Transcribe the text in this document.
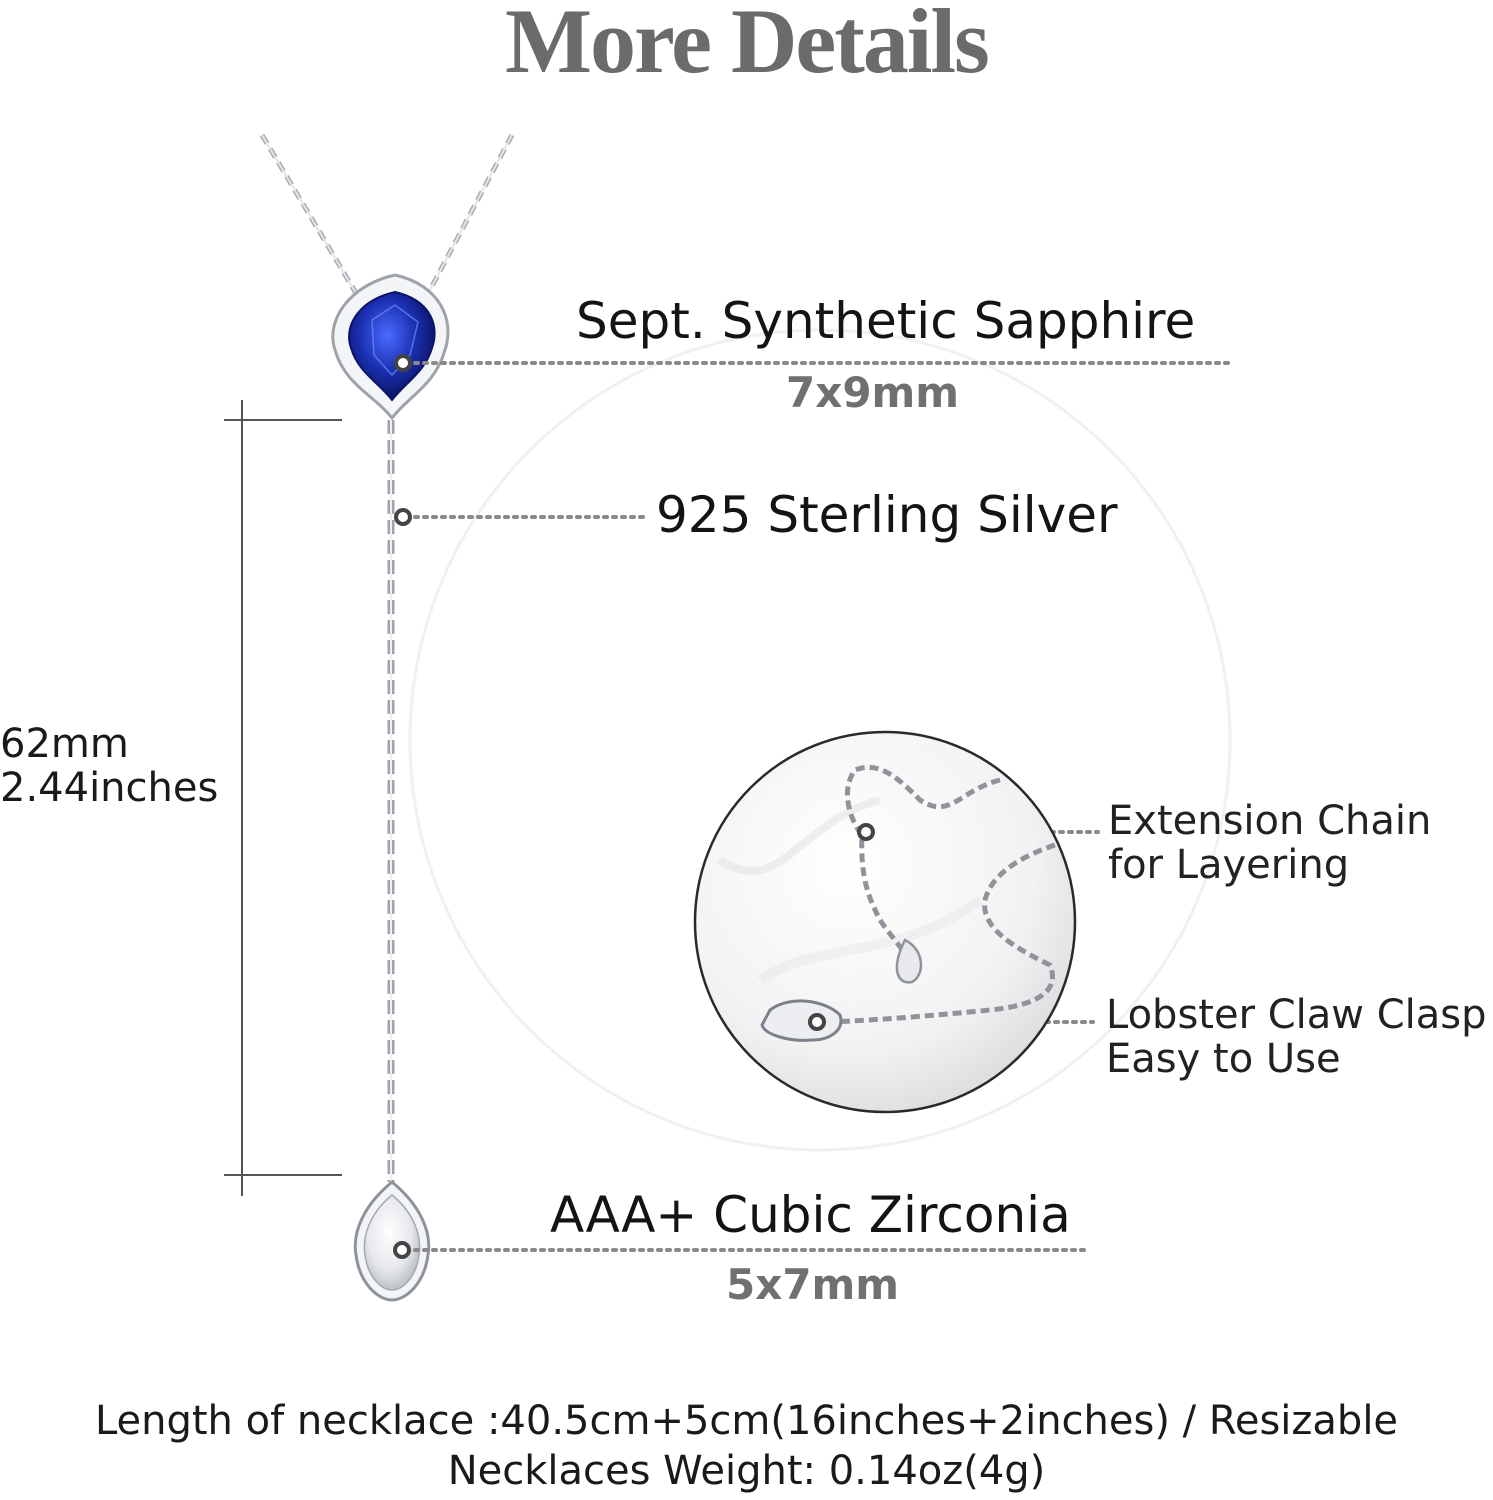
More Details
Sept. Synthetic Sapphire
7x9mm
925 Sterling Silver
62mm
2.44inches
Extension Chain
for Layering
Lobster Claw Clasp
Easy to Use
AAA+ Cubic Zirconia
5x7mm
Length of necklace :40.5cm+5cm(16inches+2inches) / Resizable
Necklaces Weight: 0.14oz(4g)
